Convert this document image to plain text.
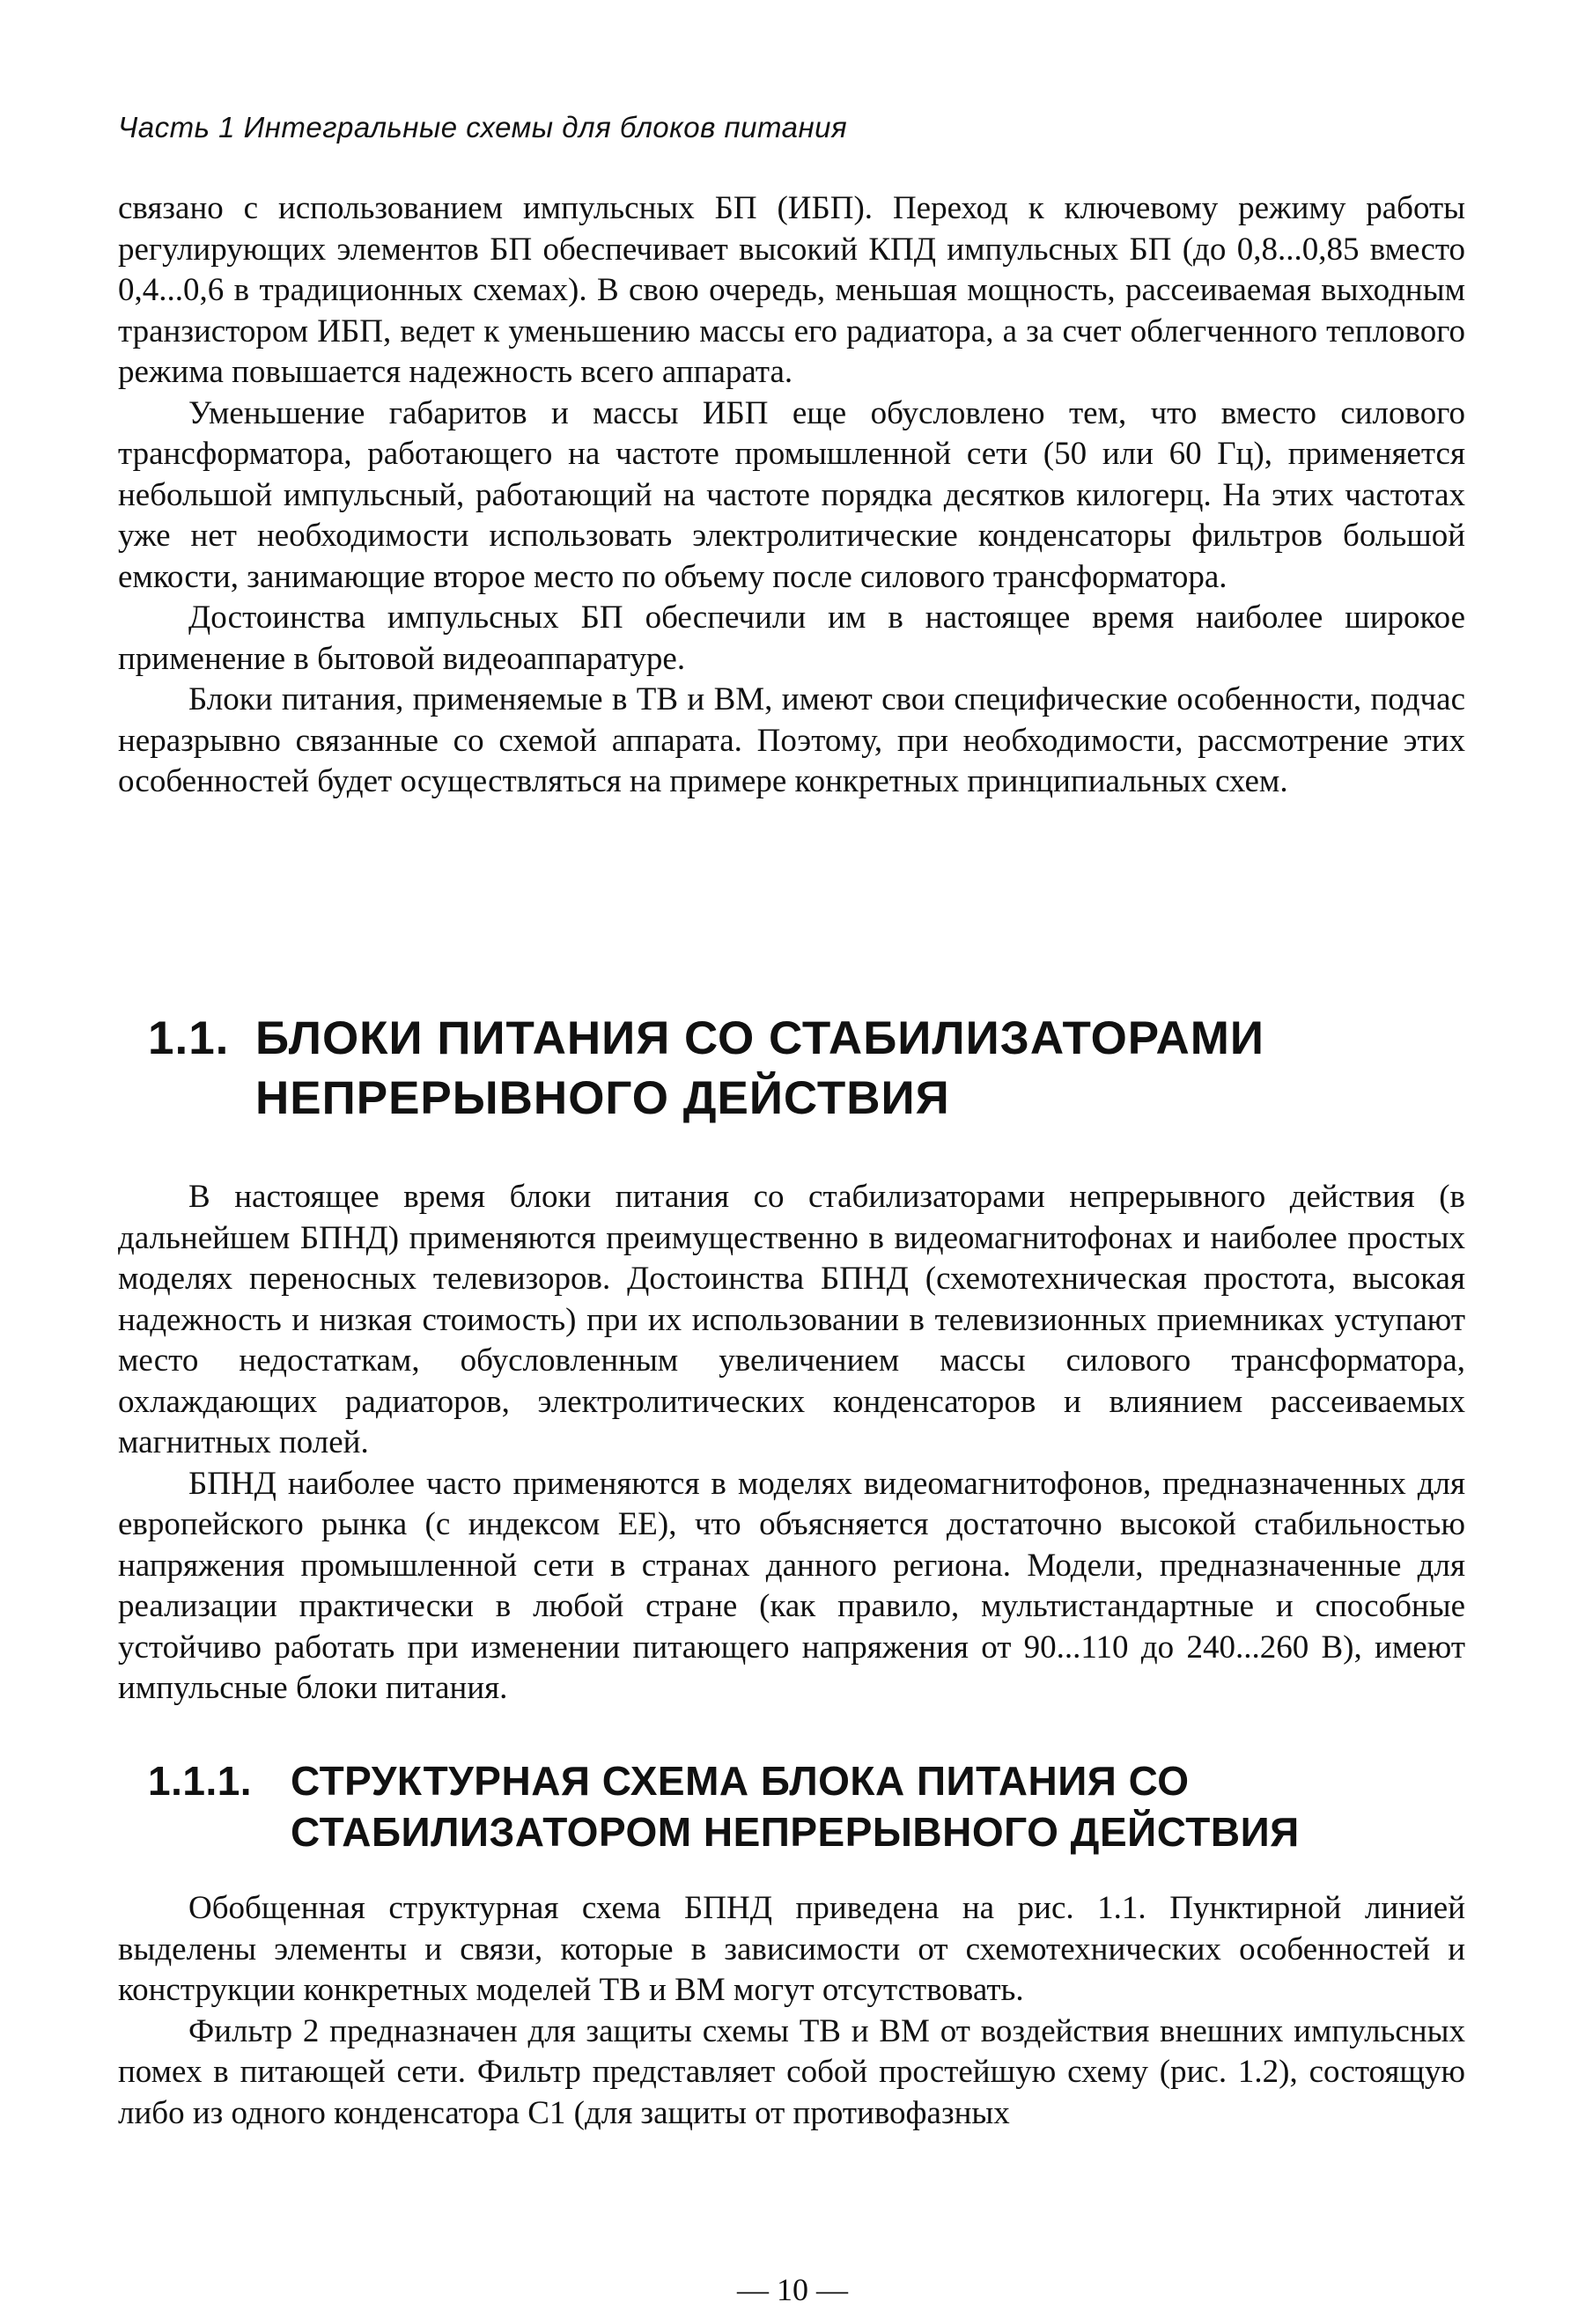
Часть 1 Интегральные схемы для блоков питания

связано с использованием импульсных БП (ИБП). Переход к ключевому режиму работы регулирующих элементов БП обеспечивает высокий КПД импульсных БП (до 0,8...0,85 вместо 0,4...0,6 в традиционных схемах). В свою очередь, меньшая мощность, рассеиваемая выходным транзистором ИБП, ведет к уменьшению массы его радиатора, а за счет облегченного теплового режима повышается надежность всего аппарата.

Уменьшение габаритов и массы ИБП еще обусловлено тем, что вместо силового трансформатора, работающего на частоте промышленной сети (50 или 60 Гц), применяется небольшой импульсный, работающий на частоте порядка десятков килогерц. На этих частотах уже нет необходимости использовать электролитические конденсаторы фильтров большой емкости, занимающие второе место по объему после силового трансформатора.

Достоинства импульсных БП обеспечили им в настоящее время наиболее широкое применение в бытовой видеоаппаратуре.

Блоки питания, применяемые в ТВ и ВМ, имеют свои специфические особенности, подчас неразрывно связанные со схемой аппарата. Поэтому, при необходимости, рассмотрение этих особенностей будет осуществляться на примере конкретных принципиальных схем.

1.1. БЛОКИ ПИТАНИЯ СО СТАБИЛИЗАТОРАМИ
НЕПРЕРЫВНОГО ДЕЙСТВИЯ

В настоящее время блоки питания со стабилизаторами непрерывного действия (в дальнейшем БПНД) применяются преимущественно в видеомагнитофонах и наиболее простых моделях переносных телевизоров. Достоинства БПНД (схемотехническая простота, высокая надежность и низкая стоимость) при их использовании в телевизионных приемниках уступают место недостаткам, обусловленным увеличением массы силового трансформатора, охлаждающих радиаторов, электролитических конденсаторов и влиянием рассеиваемых магнитных полей.

БПНД наиболее часто применяются в моделях видеомагнитофонов, предназначенных для европейского рынка (с индексом ЕЕ), что объясняется достаточно высокой стабильностью напряжения промышленной сети в странах данного региона. Модели, предназначенные для реализации практически в любой стране (как правило, мультистандартные и способные устойчиво работать при изменении питающего напряжения от 90...110 до 240...260 В), имеют импульсные блоки питания.

1.1.1. СТРУКТУРНАЯ СХЕМА БЛОКА ПИТАНИЯ СО
СТАБИЛИЗАТОРОМ НЕПРЕРЫВНОГО ДЕЙСТВИЯ

Обобщенная структурная схема БПНД приведена на рис. 1.1. Пунктирной линией выделены элементы и связи, которые в зависимости от схемотехнических особенностей и конструкции конкретных моделей ТВ и ВМ могут отсутствовать.

Фильтр 2 предназначен для защиты схемы ТВ и ВМ от воздействия внешних импульсных помех в питающей сети. Фильтр представляет собой простейшую схему (рис. 1.2), состоящую либо из одного конденсатора С1 (для защиты от противофазных

— 10 —
